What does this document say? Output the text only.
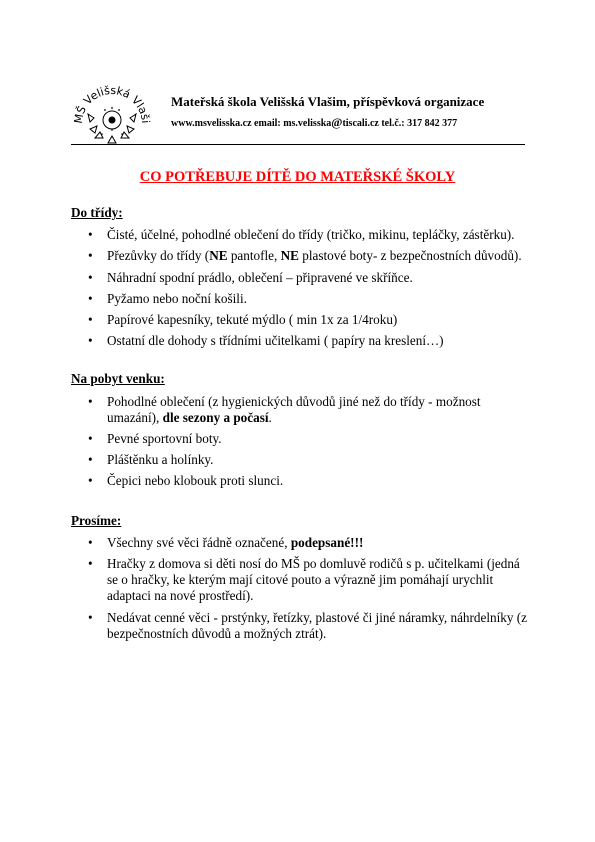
MŠ Velišská Vlaši
Mateřská škola Velišská Vlašim, příspěvková organizace
www.msvelisska.cz email: ms.velisska@tiscali.cz tel.č.: 317 842 377
CO POTŘEBUJE DÍTĚ DO MATEŘSKÉ ŠKOLY
Do třídy:
• Čisté, účelné, pohodlné oblečení do třídy (tričko, mikinu, tepláčky, zástěrku).
• Přezůvky do třídy (NE pantofle, NE plastové boty- z bezpečnostních důvodů).
• Náhradní spodní prádlo, oblečení – připravené ve skříňce.
• Pyžamo nebo noční košili.
• Papírové kapesníky, tekuté mýdlo ( min 1x za 1/4roku)
• Ostatní dle dohody s třídními učitelkami ( papíry na kreslení…)
Na pobyt venku:
• Pohodlné oblečení (z hygienických důvodů jiné než do třídy - možnost umazání), dle sezony a počasí.
• Pevné sportovní boty.
• Pláštěnku a holínky.
• Čepici nebo klobouk proti slunci.
Prosíme:
• Všechny své věci řádně označené, podepsané!!!
• Hračky z domova si děti nosí do MŠ po domluvě rodičů s p. učitelkami (jedná se o hračky, ke kterým mají citové pouto a výrazně jim pomáhají urychlit adaptaci na nové prostředí).
• Nedávat cenné věci - prstýnky, řetízky, plastové či jiné náramky, náhrdelníky (z bezpečnostních důvodů a možných ztrát).
